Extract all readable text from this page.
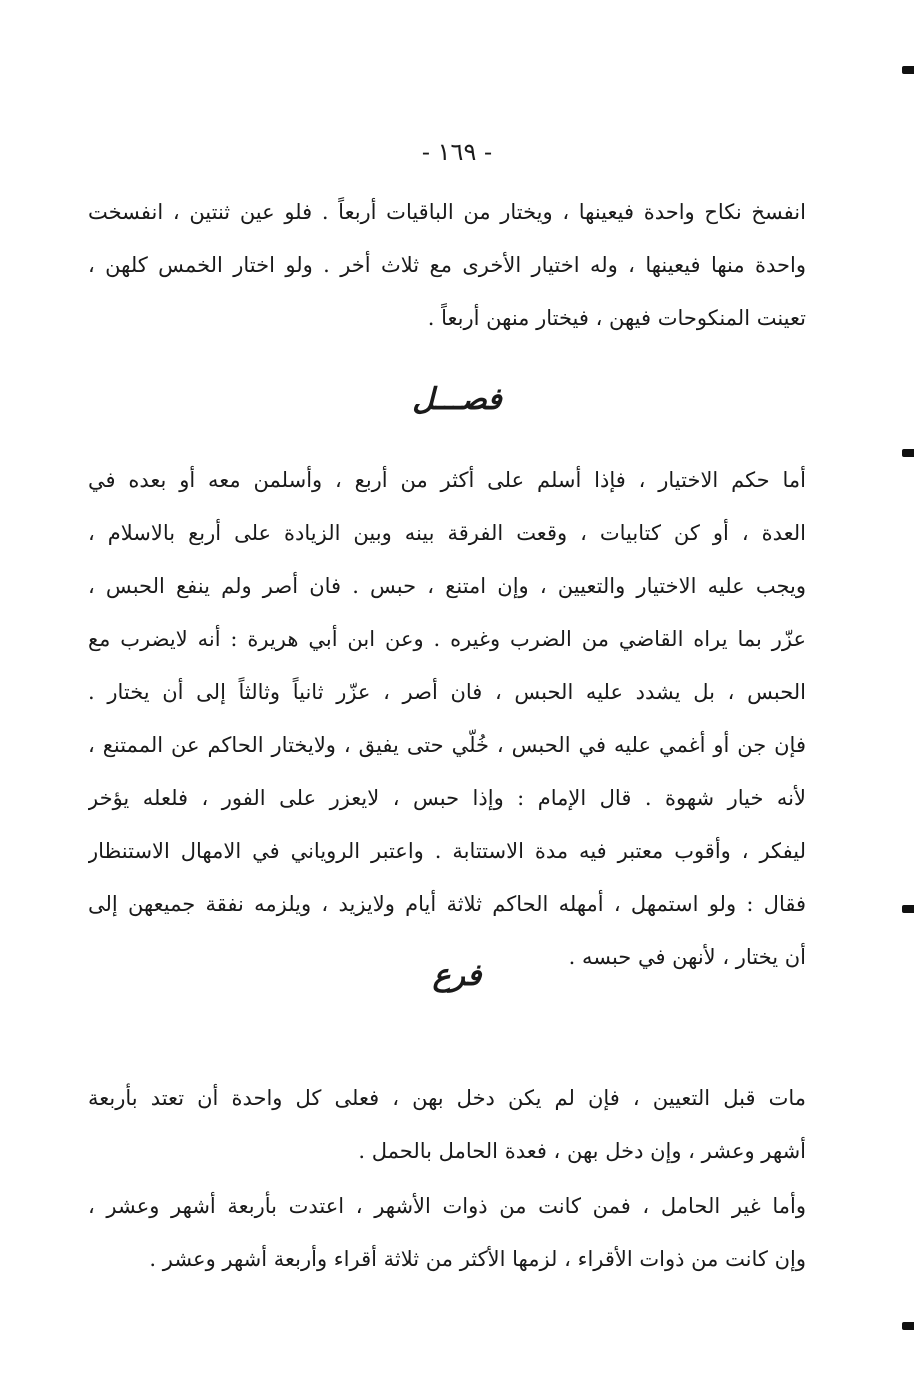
- ١٦٩ -
انفسخ نكاح واحدة فيعينها ، ويختار من الباقيات أربعاً . فلو عين ثنتين ، انفسخت
واحدة منها فيعينها ، وله اختيار الأخرى مع ثلاث أخر . ولو اختار الخمس كلهن ،
تعينت المنكوحات فيهن ، فيختار منهن أربعاً .
فصـــل
أما حكم الاختيار ، فإذا أسلم على أكثر من أربع ، وأسلمن معه أو بعده في
العدة ، أو كن كتابيات ، وقعت الفرقة بينه وبين الزيادة على أربع بالاسلام ،
ويجب عليه الاختيار والتعيين ، وإن امتنع ، حبس . فان أصر ولم ينفع الحبس ،
عزّر بما يراه القاضي من الضرب وغيره . وعن ابن أبي هريرة : أنه لايضرب مع
الحبس ، بل يشدد عليه الحبس ، فان أصر ، عزّر ثانياً وثالثاً إلى أن يختار .
فإن جن أو أغمي عليه في الحبس ، خُلّي حتى يفيق ، ولايختار الحاكم عن الممتنع ،
لأنه خيار شهوة . قال الإمام : وإذا حبس ، لايعزر على الفور ، فلعله يؤخر
ليفكر ، وأقوب معتبر فيه مدة الاستتابة . واعتبر الروياني في الامهال الاستنظار
فقال : ولو استمهل ، أمهله الحاكم ثلاثة أيام ولايزيد ، ويلزمه نفقة جميعهن إلى
أن يختار ، لأنهن في حبسه .
فرع
مات قبل التعيين ، فإن لم يكن دخل بهن ، فعلى كل واحدة أن تعتد بأربعة
أشهر وعشر ، وإن دخل بهن ، فعدة الحامل بالحمل .
وأما غير الحامل ، فمن كانت من ذوات الأشهر ، اعتدت بأربعة أشهر وعشر ،
وإن كانت من ذوات الأقراء ، لزمها الأكثر من ثلاثة أقراء وأربعة أشهر وعشر .
